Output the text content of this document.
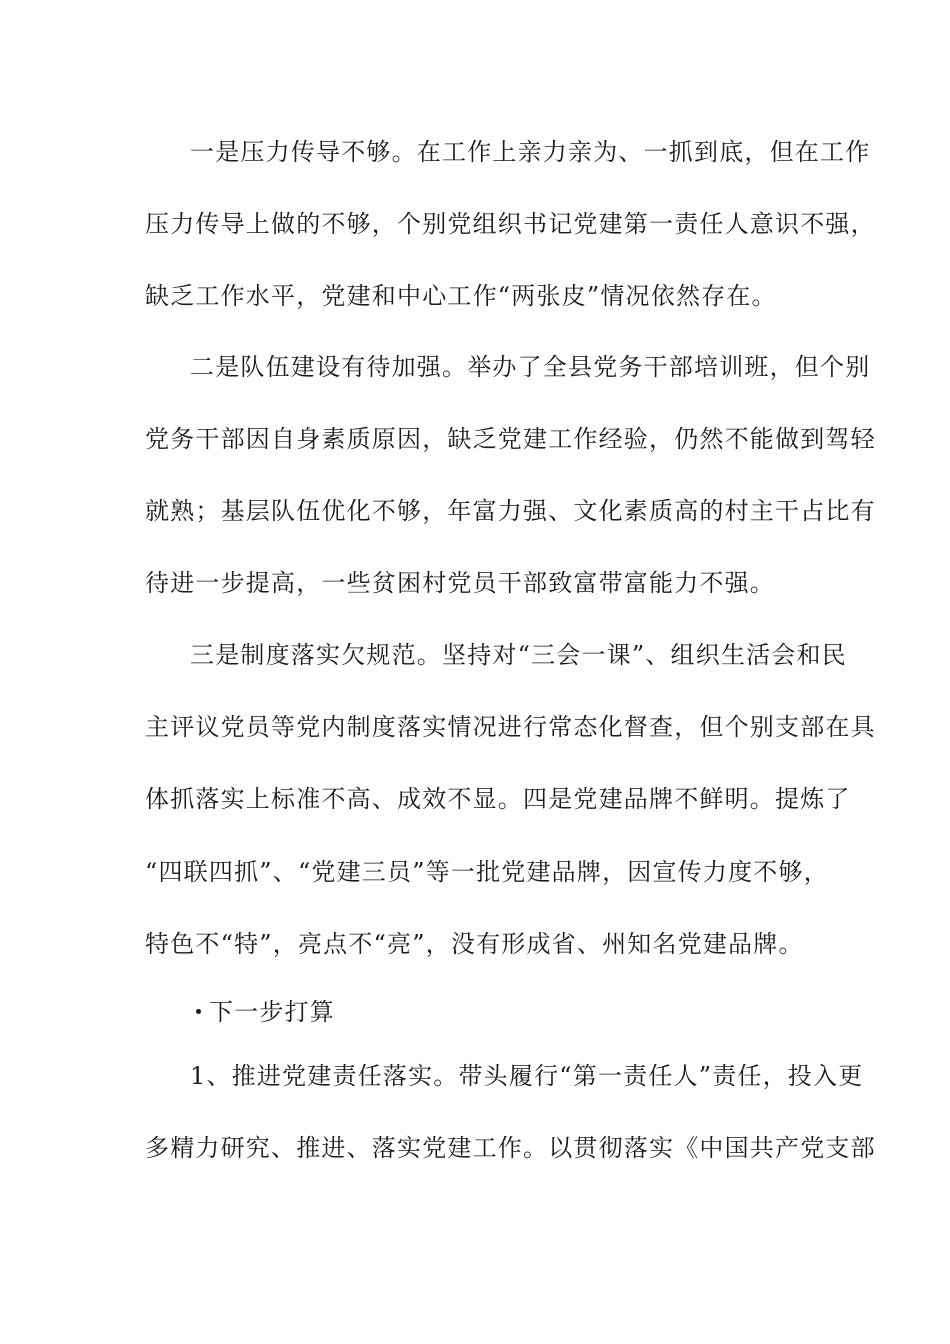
一是压力传导不够。在工作上亲力亲为、一抓到底，但在工作
压力传导上做的不够，个别党组织书记党建第一责任人意识不强，
缺乏工作水平，党建和中心工作“两张皮”情况依然存在。
二是队伍建设有待加强。举办了全县党务干部培训班，但个别
党务干部因自身素质原因，缺乏党建工作经验，仍然不能做到驾轻
就熟；基层队伍优化不够，年富力强、文化素质高的村主干占比有
待进一步提高，一些贫困村党员干部致富带富能力不强。
三是制度落实欠规范。坚持对“三会一课”、组织生活会和民
主评议党员等党内制度落实情况进行常态化督查，但个别支部在具
体抓落实上标准不高、成效不显。四是党建品牌不鲜明。提炼了
“四联四抓”、“党建三员”等一批党建品牌，因宣传力度不够，
特色不“特”，亮点不“亮”，没有形成省、州知名党建品牌。
下一步打算
1、推进党建责任落实。带头履行“第一责任人”责任，投入更
多精力研究、推进、落实党建工作。以贯彻落实《中国共产党支部
